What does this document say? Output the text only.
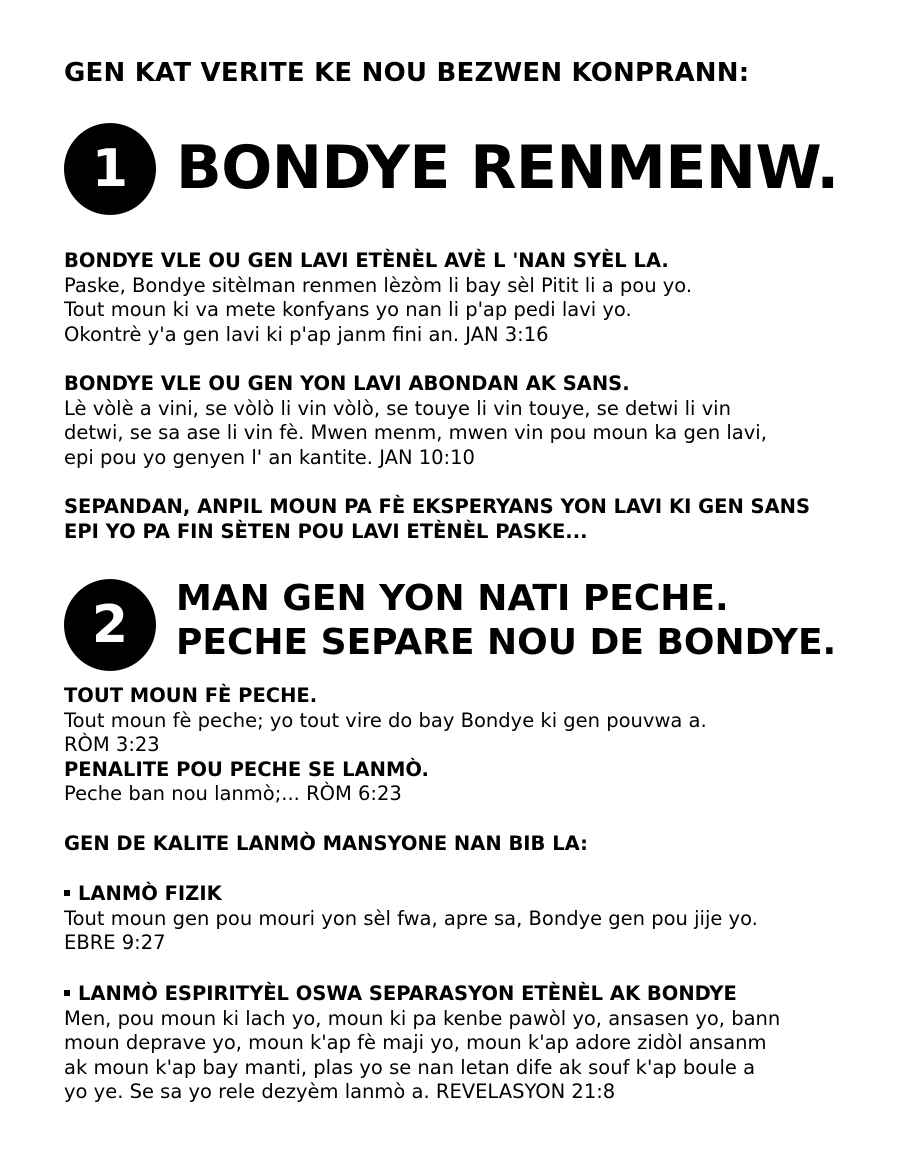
GEN KAT VERITE KE NOU BEZWEN KONPRANN:
1 BONDYE RENMENW.
BONDYE VLE OU GEN LAVI ETÈNÈL AVÈ L 'NAN SYÈL LA.
Paske, Bondye sitèlman renmen lèzòm li bay sèl Pitit li a pou yo.
Tout moun ki va mete konfyans yo nan li p'ap pedi lavi yo.
Okontrè y'a gen lavi ki p'ap janm fini an. JAN 3:16
BONDYE VLE OU GEN YON LAVI ABONDAN AK SANS.
Lè vòlè a vini, se vòlò li vin vòlò, se touye li vin touye, se detwi li vin
detwi, se sa ase li vin fè. Mwen menm, mwen vin pou moun ka gen lavi,
epi pou yo genyen l' an kantite. JAN 10:10
SEPANDAN, ANPIL MOUN PA FÈ EKSPERYANS YON LAVI KI GEN SANS
EPI YO PA FIN SÈTEN POU LAVI ETÈNÈL PASKE...
2 MAN GEN YON NATI PECHE.
PECHE SEPARE NOU DE BONDYE.
TOUT MOUN FÈ PECHE.
Tout moun fè peche; yo tout vire do bay Bondye ki gen pouvwa a.
RÒM 3:23
PENALITE POU PECHE SE LANMÒ.
Peche ban nou lanmò;... RÒM 6:23
GEN DE KALITE LANMÒ MANSYONE NAN BIB LA:
LANMÒ FIZIK
Tout moun gen pou mouri yon sèl fwa, apre sa, Bondye gen pou jije yo.
EBRE 9:27
LANMÒ ESPIRITYÈL OSWA SEPARASYON ETÈNÈL AK BONDYE
Men, pou moun ki lach yo, moun ki pa kenbe pawòl yo, ansasen yo, bann
moun deprave yo, moun k'ap fè maji yo, moun k'ap adore zidòl ansanm
ak moun k'ap bay manti, plas yo se nan letan dife ak souf k'ap boule a
yo ye. Se sa yo rele dezyèm lanmò a. REVELASYON 21:8
